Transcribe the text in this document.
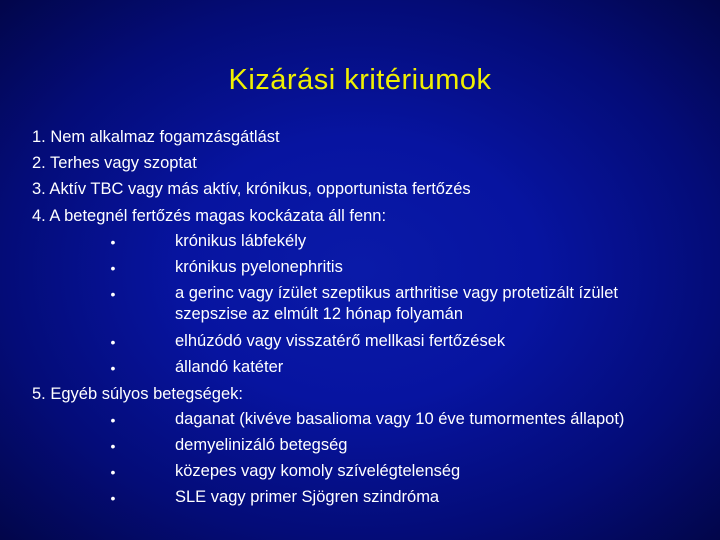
Kizárási kritériumok
1. Nem alkalmaz fogamzásgátlást
2. Terhes vagy szoptat
3. Aktív TBC vagy más aktív, krónikus, opportunista fertőzés
4. A betegnél fertőzés magas kockázata áll fenn:
•	krónikus lábfekély
•	krónikus pyelonephritis
•	a gerinc vagy ízület szeptikus arthritise vagy protetizált ízület szepszise az elmúlt 12 hónap folyamán
•	elhúzódó vagy visszatérő mellkasi fertőzések
•	állandó katéter
5. Egyéb súlyos betegségek:
•	daganat (kivéve basalioma vagy 10 éve tumormentes állapot)
•	demyelinizáló betegség
•	közepes vagy komoly szívelégtelenség
•	SLE vagy primer Sjögren szindróma
